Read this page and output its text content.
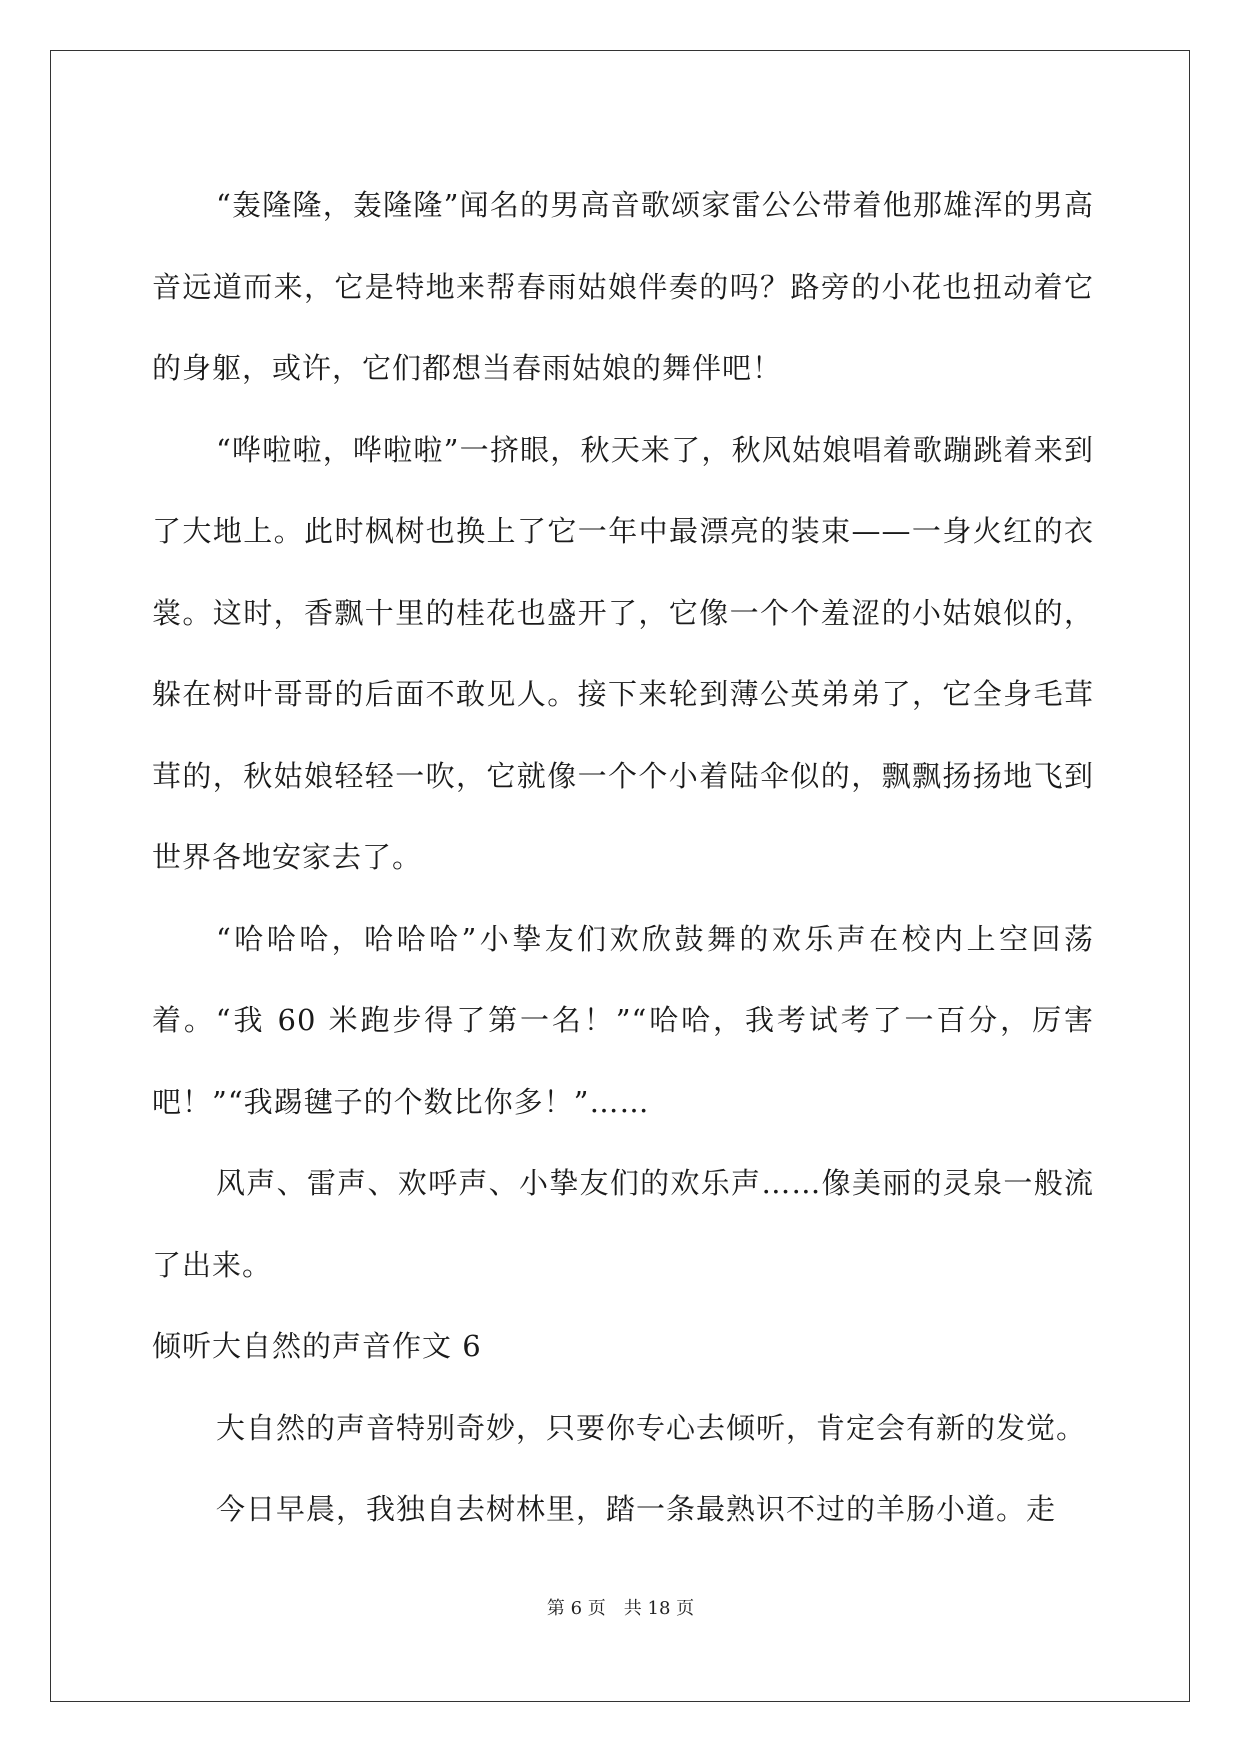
“轰隆隆，轰隆隆”闻名的男高音歌颂家雷公公带着他那雄浑的男高音远道而来，它是特地来帮春雨姑娘伴奏的吗？路旁的小花也扭动着它的身躯，或许，它们都想当春雨姑娘的舞伴吧！

“哗啦啦，哗啦啦”一挤眼，秋天来了，秋风姑娘唱着歌蹦跳着来到了大地上。此时枫树也换上了它一年中最漂亮的装束——一身火红的衣裳。这时，香飘十里的桂花也盛开了，它像一个个羞涩的小姑娘似的，躲在树叶哥哥的后面不敢见人。接下来轮到薄公英弟弟了，它全身毛茸茸的，秋姑娘轻轻一吹，它就像一个个小着陆伞似的，飘飘扬扬地飞到世界各地安家去了。

“哈哈哈，哈哈哈”小挚友们欢欣鼓舞的欢乐声在校内上空回荡着。“我 60 米跑步得了第一名！”“哈哈，我考试考了一百分，厉害吧！”“我踢毽子的个数比你多！”……

风声、雷声、欢呼声、小挚友们的欢乐声……像美丽的灵泉一般流了出来。

倾听大自然的声音作文 6

大自然的声音特别奇妙，只要你专心去倾听，肯定会有新的发觉。

今日早晨，我独自去树林里，踏一条最熟识不过的羊肠小道。走

第 6 页　共 18 页
